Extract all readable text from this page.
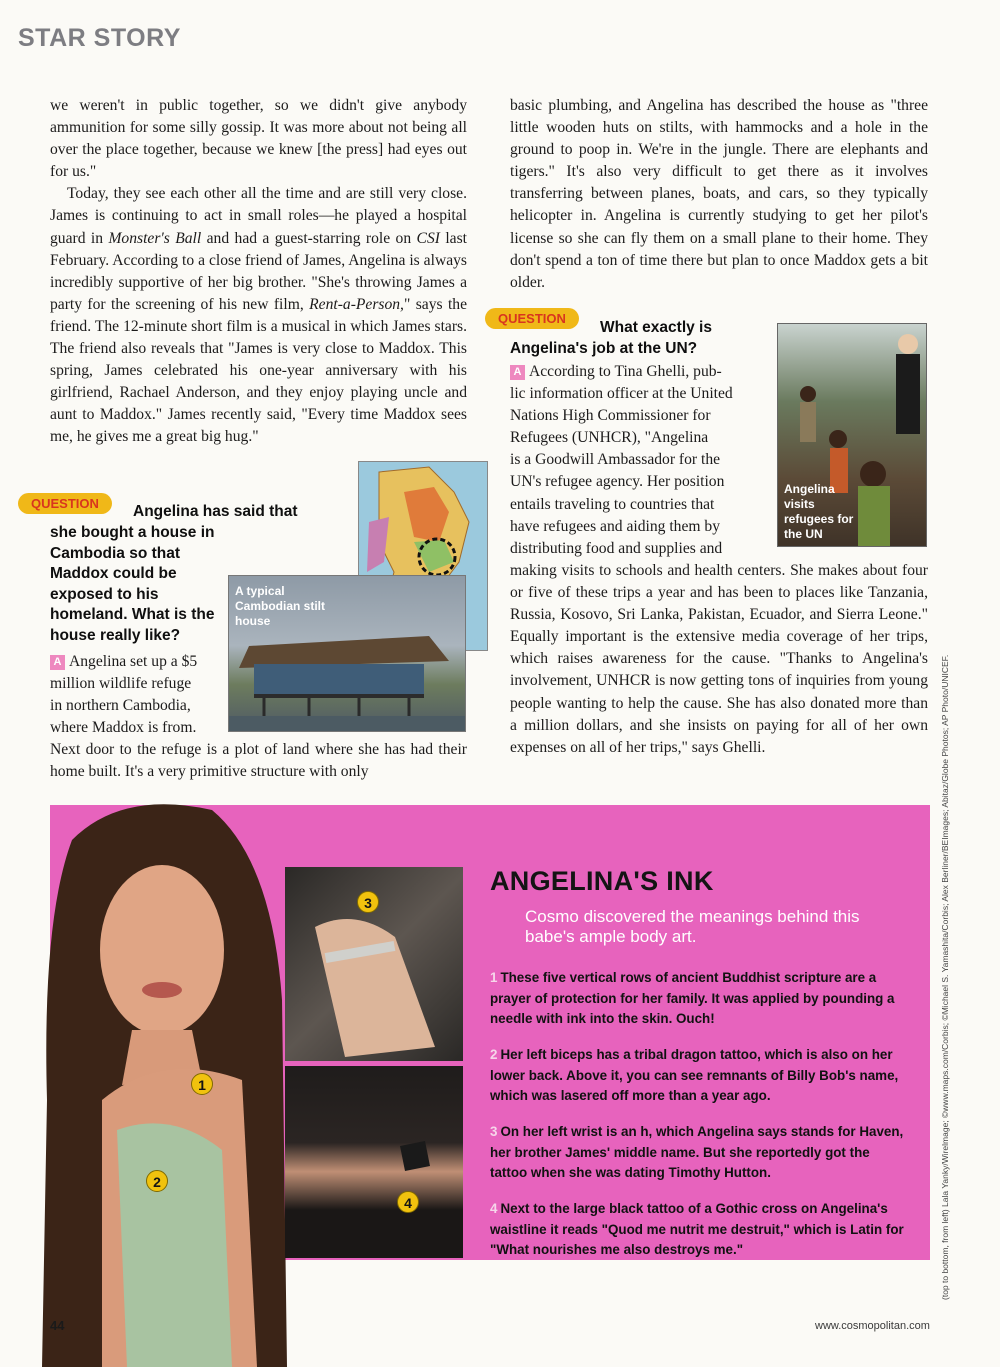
STAR STORY

we weren't in public together, so we didn't give anybody ammunition for some silly gossip. It was more about not being all over the place together, because we knew [the press] had eyes out for us."

Today, they see each other all the time and are still very close. James is continuing to act in small roles—he played a hospital guard in Monster's Ball and had a guest-starring role on CSI last February. According to a close friend of James, Angelina is always incredibly supportive of her big brother. "She's throwing James a party for the screening of his new film, Rent-a-Person," says the friend. The 12-minute short film is a musical in which James stars. The friend also reveals that "James is very close to Maddox. This spring, James celebrated his one-year anniversary with his girlfriend, Rachael Anderson, and they enjoy playing uncle and aunt to Maddox." James recently said, "Every time Maddox sees me, he gives me a great big hug."

QUESTION	Angelina has said that
she bought a house in Cambodia so that Maddox could be exposed to his homeland. What is the house really like?
A Angelina set up a $5
million wildlife refuge
in northern Cambodia,
where Maddox is from.
Next door to the refuge is a plot of land where she has had their home built. It's a very primitive structure with only
A typical Cambodian stilt house
basic plumbing, and Angelina has described the house as "three little wooden huts on stilts, with hammocks and a hole in the ground to poop in. We're in the jungle. There are elephants and tigers." It's also very difficult to get there as it involves transferring between planes, boats, and cars, so they typically helicopter in. Angelina is currently studying to get her pilot's license so she can fly them on a small plane to their home. They don't spend a ton of time there but plan to once Maddox gets a bit older.
QUESTION
What exactly is
Angelina's job at the UN?
A According to Tina Ghelli, pub-
lic information officer at the United
Nations High Commissioner for
Refugees (UNHCR), "Angelina
is a Goodwill Ambassador for the
UN's refugee agency. Her position
entails traveling to countries that
have refugees and aiding them by
distributing food and supplies and
making visits to schools and health centers. She makes about four or five of these trips a year and has been to places like Tanzania, Russia, Kosovo, Sri Lanka, Pakistan, Ecuador, and Sierra Leone." Equally important is the extensive media coverage of her trips, which raises awareness for the cause. "Thanks to Angelina's involvement, UNHCR is now getting tons of inquiries from young people wanting to help the cause. She has also donated more than a million dollars, and she insists on paying for all of her own expenses on all of her trips," says Ghelli.
Angelina visits refugees for the UN
1
2
3
4
ANGELINA'S INK
Cosmo discovered the meanings behind this babe's ample body art.
1 These five vertical rows of ancient Buddhist scripture are a prayer of protection for her family. It was applied by pounding a needle with ink into the skin. Ouch!
2 Her left biceps has a tribal dragon tattoo, which is also on her lower back. Above it, you can see remnants of Billy Bob's name, which was lasered off more than a year ago.
3 On her left wrist is an h, which Angelina says stands for Haven, her brother James' middle name. But she reportedly got the tattoo when she was dating Timothy Hutton.
4 Next to the large black tattoo of a Gothic cross on Angelina's waistline it reads "Quod me nutrit me destruit," which is Latin for "What nourishes me also destroys me."
44	www.cosmopolitan.com
(top to bottom, from left) Lala Yanky/Wirelmage; ©www.maps.com/Corbis; ©Michael S. Yamashita/Corbis; Alex Berliner/BEImages; Abitaz/Globe Photos; AP Photo/UNICEF.
